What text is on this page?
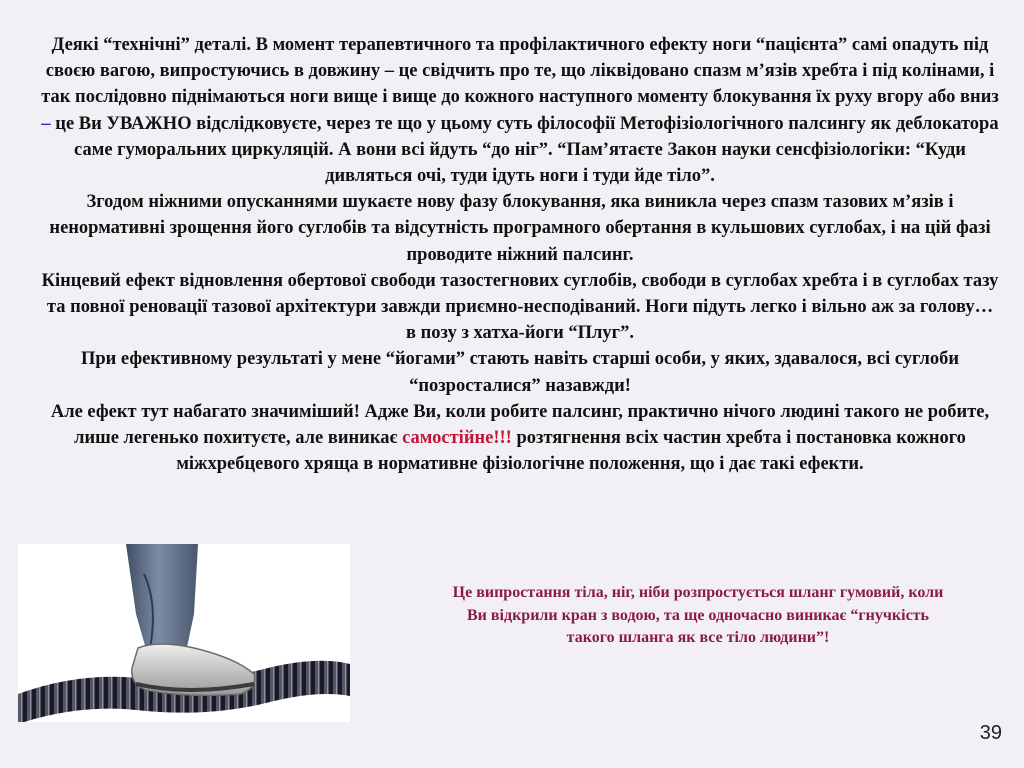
Деякі “технічні” деталі. В момент терапевтичного та профілактичного ефекту ноги “пацієнта” самі опадуть під своєю вагою, випростуючись в довжину – це свідчить про те, що ліквідовано спазм м’язів хребта і під колінами, і так послідовно піднімаються ноги вище і вище до кожного наступного моменту блокування їх руху вгору або вниз – це Ви УВАЖНО відслідковуєте, через те що у цьому суть філософії Метофізіологічного палсингу як деблокатора саме гуморальних циркуляцій. А вони всі йдуть “до ніг”. “Пам’ятаєте Закон науки сенсфізіологіки: “Куди дивляться очі, туди ідуть ноги і туди йде тіло”.

Згодом ніжними опусканнями шукаєте нову фазу блокування, яка виникла через спазм тазових м’язів і ненормативні зрощення його суглобів та відсутність програмного обертання в кульшових суглобах, і на цій фазі проводите ніжний палсинг.

Кінцевий ефект відновлення обертової свободи тазостегнових суглобів, свободи в суглобах хребта і в суглобах тазу та повної реновації тазової архітектури завжди приємно-несподіваний. Ноги підуть легко і вільно аж за голову… в позу з хатха-йоги “Плуг”.

При ефективному результаті у мене “йогами” стають навіть старші особи, у яких, здавалося, всі суглоби “позросталися” назавжди!

Але ефект тут набагато значиміший! Адже Ви, коли робите палсинг, практично нічого людині такого не робите, лише легенько похитуєте, але виникає самостійне!!! розтягнення всіх частин хребта і постановка кожного міжхребцевого хряща в нормативне фізіологічне положення, що і дає такі ефекти.

Це випростання тіла, ніг, ніби розпростується шланг гумовий, коли Ви відкрили кран з водою, та ще одночасно виникає “гнучкість такого шланга як все тіло людини”!
39
